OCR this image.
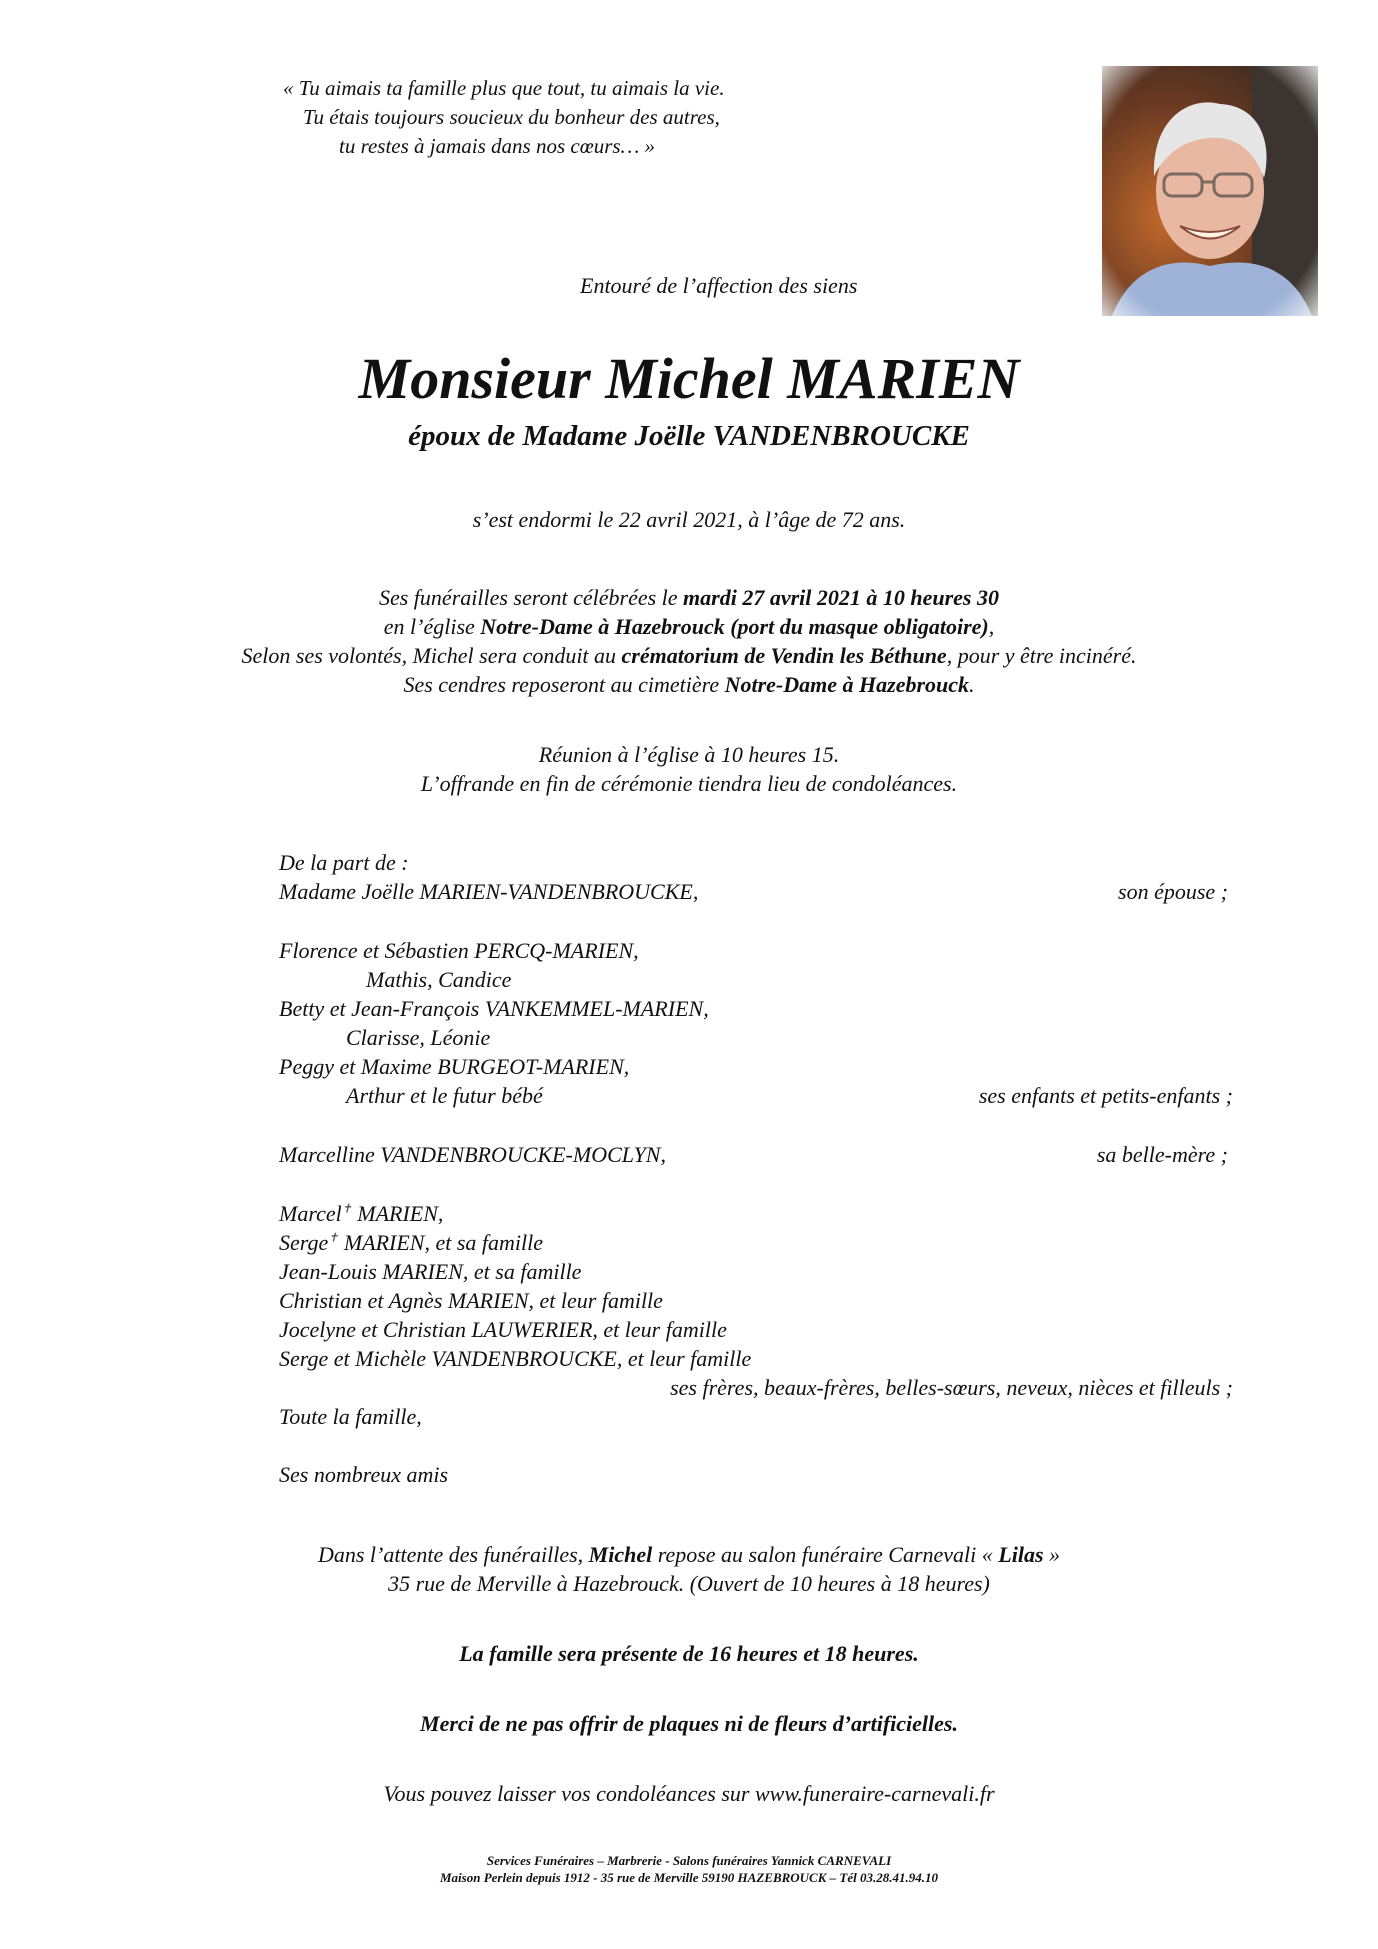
« Tu aimais ta famille plus que tout, tu aimais la vie.
Tu étais toujours soucieux du bonheur des autres,
tu restes à jamais dans nos cœurs… »
Entouré de l’affection des siens
Monsieur Michel MARIEN
époux de Madame Joëlle VANDENBROUCKE
s’est endormi le 22 avril 2021, à l’âge de 72 ans.
Ses funérailles seront célébrées le mardi 27 avril 2021 à 10 heures 30
en l’église Notre-Dame à Hazebrouck (port du masque obligatoire),
Selon ses volontés, Michel sera conduit au crématorium de Vendin les Béthune, pour y être incinéré.
Ses cendres reposeront au cimetière Notre-Dame à Hazebrouck.
Réunion à l’église à 10 heures 15.
L’offrande en fin de cérémonie tiendra lieu de condoléances.
De la part de :
Madame Joëlle MARIEN-VANDENBROUCKE,	son épouse ;
Florence et Sébastien PERCQ-MARIEN,
Mathis, Candice
Betty et Jean-François VANKEMMEL-MARIEN,
Clarisse, Léonie
Peggy et Maxime BURGEOT-MARIEN,
Arthur et le futur bébé	ses enfants et petits-enfants ;
Marcelline VANDENBROUCKE-MOCLYN,	sa belle-mère ;
Marcel✝ MARIEN,
Serge✝ MARIEN, et sa famille
Jean-Louis MARIEN, et sa famille
Christian et Agnès MARIEN, et leur famille
Jocelyne et Christian LAUWERIER, et leur famille
Serge et Michèle VANDENBROUCKE, et leur famille
ses frères, beaux-frères, belles-sœurs, neveux, nièces et filleuls ;
Toute la famille,
Ses nombreux amis
Dans l’attente des funérailles, Michel repose au salon funéraire Carnevali « Lilas »
35 rue de Merville à Hazebrouck. (Ouvert de 10 heures à 18 heures)
La famille sera présente de 16 heures et 18 heures.
Merci de ne pas offrir de plaques ni de fleurs d’artificielles.
Vous pouvez laisser vos condoléances sur www.funeraire-carnevali.fr
Services Funéraires – Marbrerie - Salons funéraires Yannick CARNEVALI
Maison Perlein depuis 1912 - 35 rue de Merville 59190 HAZEBROUCK – Tél 03.28.41.94.10
